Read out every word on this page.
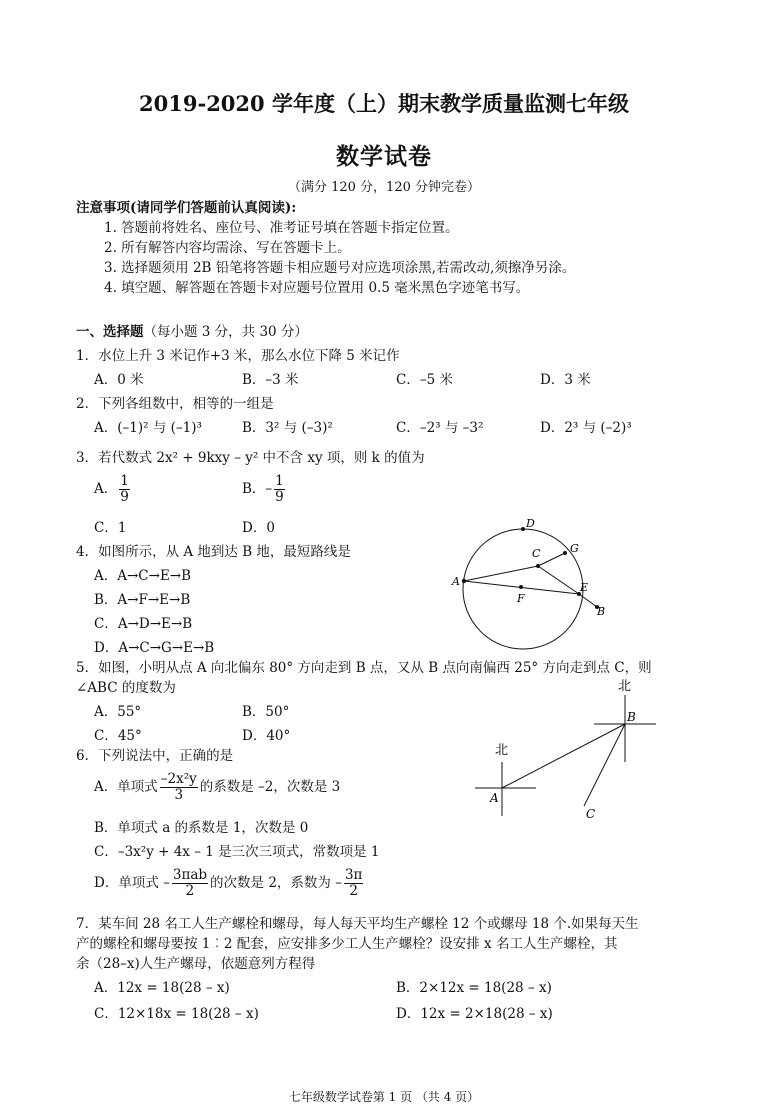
2019-2020 学年度（上）期末教学质量监测七年级
数学试卷
（满分 120 分，120 分钟完卷）
注意事项(请同学们答题前认真阅读):
1. 答题前将姓名、座位号、准考证号填在答题卡指定位置。
2. 所有解答内容均需涂、写在答题卡上。
3. 选择题须用 2B 铅笔将答题卡相应题号对应选项涂黑,若需改动,须擦净另涂。
4. 填空题、解答题在答题卡对应题号位置用 0.5 毫米黑色字迹笔书写。
一、选择题（每小题 3 分，共 30 分）
1．水位上升 3 米记作+3 米，那么水位下降 5 米记作
A．0 米	B．–3 米	C．–5 米	D．3 米
2．下列各组数中，相等的一组是
A．(–1)² 与 (–1)³	B．3² 与 (–3)²	C．–2³ 与 –3²	D．2³ 与 (–2)³
3．若代数式 2x² + 9kxy – y² 中不含 xy 项，则 k 的值为
A． $\frac{1}{9}$	B．– $\frac{1}{9}$
C．1	D．0
4．如图所示，从 A 地到达 B 地，最短路线是
A．A→C→E→B
B．A→F→E→B
C．A→D→E→B
D．A→C→G→E→B
D
C	G
A	E
F
B
5．如图，小明从点 A 向北偏东 80° 方向走到 B 点，又从 B 点向南偏西 25° 方向走到点 C，则
∠ABC 的度数为
A．55°	B．50°
C．45°	D．40°
北
北
B
A
C
6．下列说法中，正确的是
A．单项式 $\frac{\text{–2x²y}}{3}$ 的系数是 –2，次数是 3
B．单项式 a 的系数是 1，次数是 0
C．–3x²y + 4x – 1 是三次三项式，常数项是 1
D．单项式 – $\frac{\text{3πab}}{2}$ 的次数是 2，系数为 – $\frac{3\pi}{2}$
7．某车间 28 名工人生产螺栓和螺母，每人每天平均生产螺栓 12 个或螺母 18 个.如果每天生
产的螺栓和螺母要按 1︰2 配套，应安排多少工人生产螺栓？设安排 x 名工人生产螺栓，其
余（28–x)人生产螺母，依题意列方程得
A．12x = 18(28 – x)	B．2×12x = 18(28 – x)
C．12×18x = 18(28 – x)	D．12x = 2×18(28 – x)
七年级数学试卷第 1 页 （共 4 页）
